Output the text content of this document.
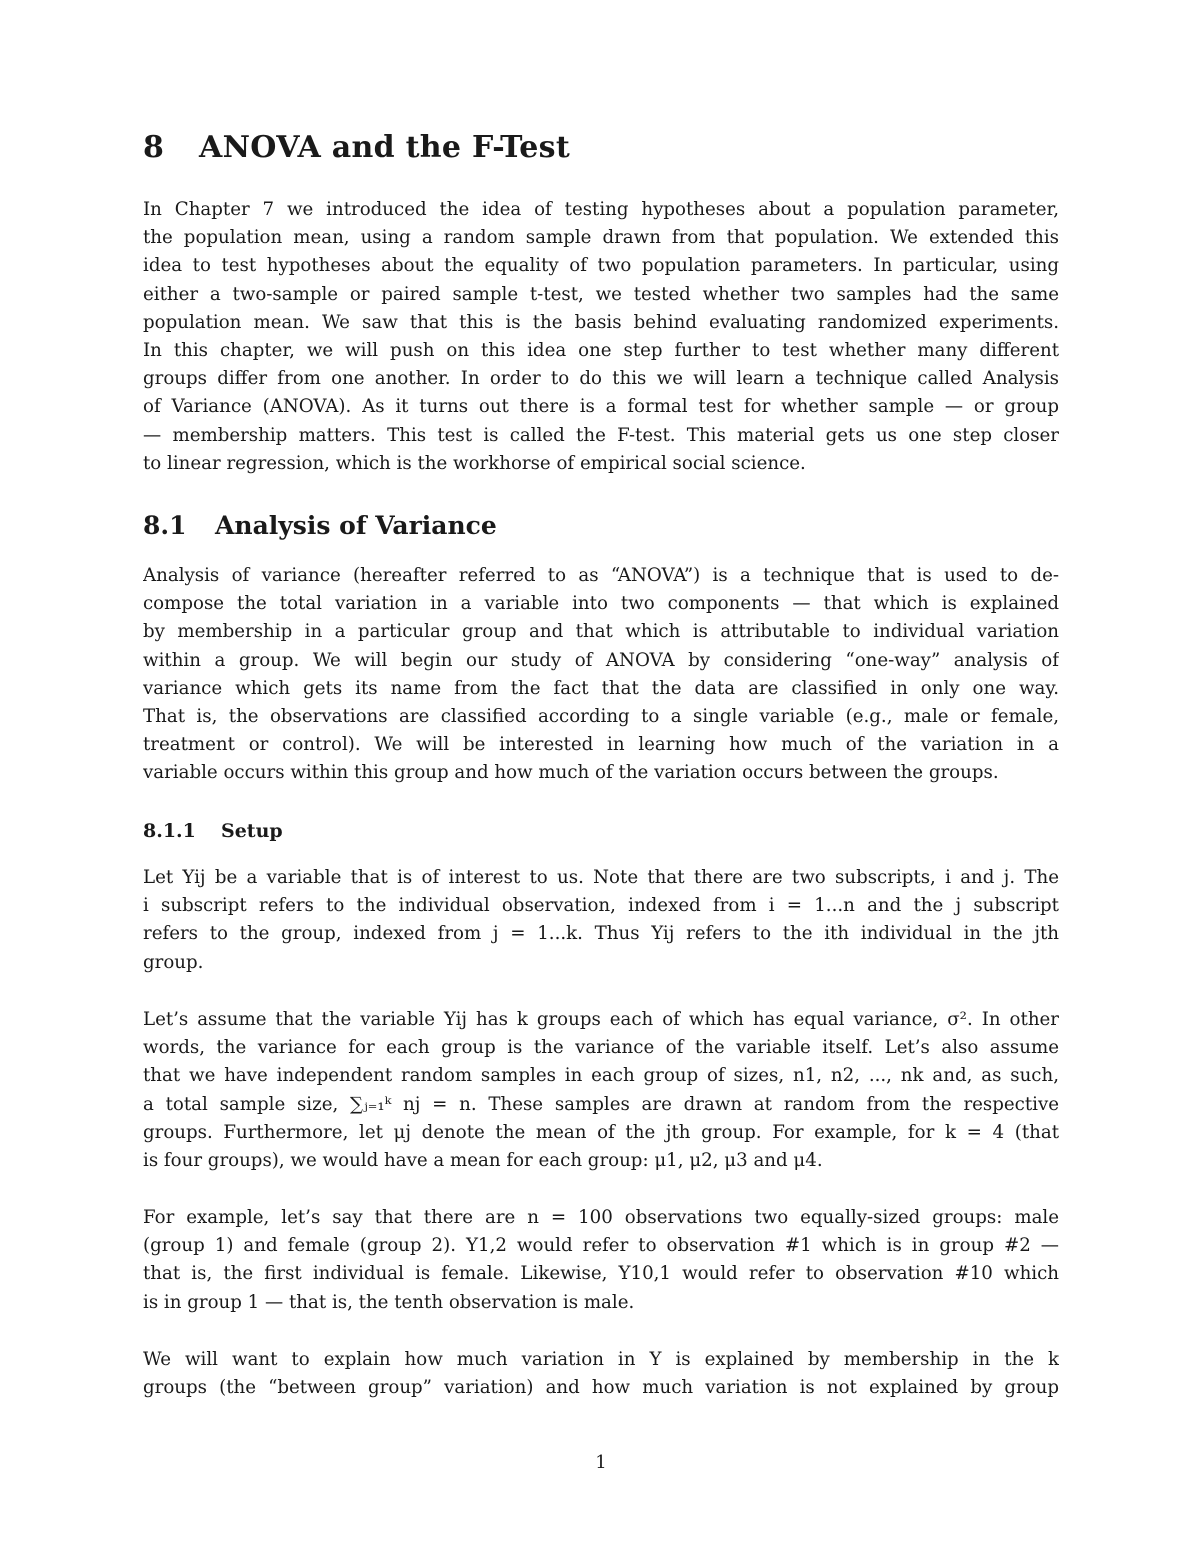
8 ANOVA and the F-Test
In Chapter 7 we introduced the idea of testing hypotheses about a population parameter,
the population mean, using a random sample drawn from that population. We extended this
idea to test hypotheses about the equality of two population parameters. In particular, using
either a two-sample or paired sample t-test, we tested whether two samples had the same
population mean. We saw that this is the basis behind evaluating randomized experiments.
In this chapter, we will push on this idea one step further to test whether many different
groups differ from one another. In order to do this we will learn a technique called Analysis
of Variance (ANOVA). As it turns out there is a formal test for whether sample — or group
— membership matters. This test is called the F-test. This material gets us one step closer
to linear regression, which is the workhorse of empirical social science.
8.1 Analysis of Variance
Analysis of variance (hereafter referred to as “ANOVA”) is a technique that is used to de-
compose the total variation in a variable into two components — that which is explained
by membership in a particular group and that which is attributable to individual variation
within a group. We will begin our study of ANOVA by considering “one-way” analysis of
variance which gets its name from the fact that the data are classified in only one way.
That is, the observations are classified according to a single variable (e.g., male or female,
treatment or control). We will be interested in learning how much of the variation in a
variable occurs within this group and how much of the variation occurs between the groups.
8.1.1 Setup
Let Yij be a variable that is of interest to us. Note that there are two subscripts, i and j. The
i subscript refers to the individual observation, indexed from i = 1...n and the j subscript
refers to the group, indexed from j = 1...k. Thus Yij refers to the ith individual in the jth
group.
Let’s assume that the variable Yij has k groups each of which has equal variance, σ². In other
words, the variance for each group is the variance of the variable itself. Let’s also assume
that we have independent random samples in each group of sizes, n1, n2, ..., nk and, as such,
a total sample size, ∑ⱼ₌₁ᵏ nj = n. These samples are drawn at random from the respective
groups. Furthermore, let μj denote the mean of the jth group. For example, for k = 4 (that
is four groups), we would have a mean for each group: μ1, μ2, μ3 and μ4.
For example, let’s say that there are n = 100 observations two equally-sized groups: male
(group 1) and female (group 2). Y1,2 would refer to observation #1 which is in group #2 —
that is, the first individual is female. Likewise, Y10,1 would refer to observation #10 which
is in group 1 — that is, the tenth observation is male.
We will want to explain how much variation in Y is explained by membership in the k
groups (the “between group” variation) and how much variation is not explained by group
1
